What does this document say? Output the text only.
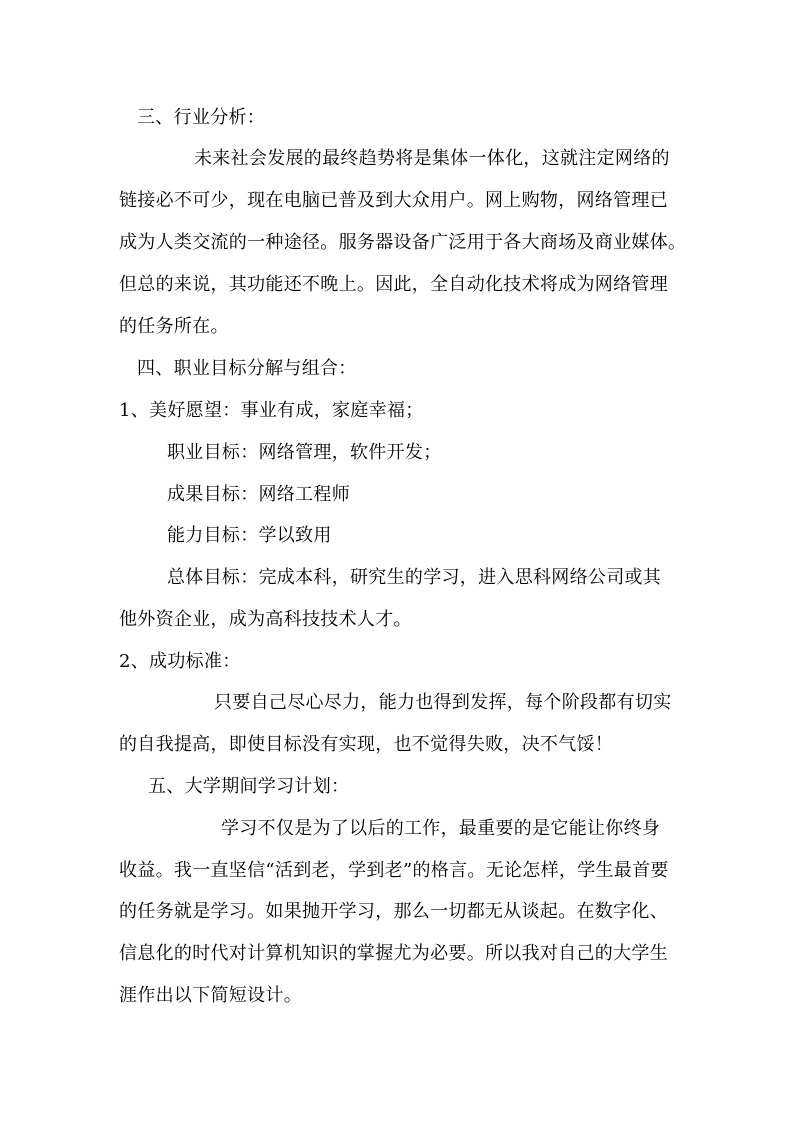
三、行业分析：
未来社会发展的最终趋势将是集体一体化，这就注定网络的
链接必不可少，现在电脑已普及到大众用户。网上购物，网络管理已
成为人类交流的一种途径。服务器设备广泛用于各大商场及商业媒体。
但总的来说，其功能还不晚上。因此，全自动化技术将成为网络管理
的任务所在。
四、职业目标分解与组合：
1、美好愿望：事业有成，家庭幸福；
职业目标：网络管理，软件开发；
成果目标：网络工程师
能力目标：学以致用
总体目标：完成本科，研究生的学习，进入思科网络公司或其
他外资企业，成为高科技技术人才。
2、成功标准：
只要自己尽心尽力，能力也得到发挥，每个阶段都有切实
的自我提高，即使目标没有实现，也不觉得失败，决不气馁！
五、大学期间学习计划：
学习不仅是为了以后的工作，最重要的是它能让你终身
收益。我一直坚信“活到老，学到老”的格言。无论怎样，学生最首要
的任务就是学习。如果抛开学习，那么一切都无从谈起。在数字化、
信息化的时代对计算机知识的掌握尤为必要。所以我对自己的大学生
涯作出以下简短设计。
